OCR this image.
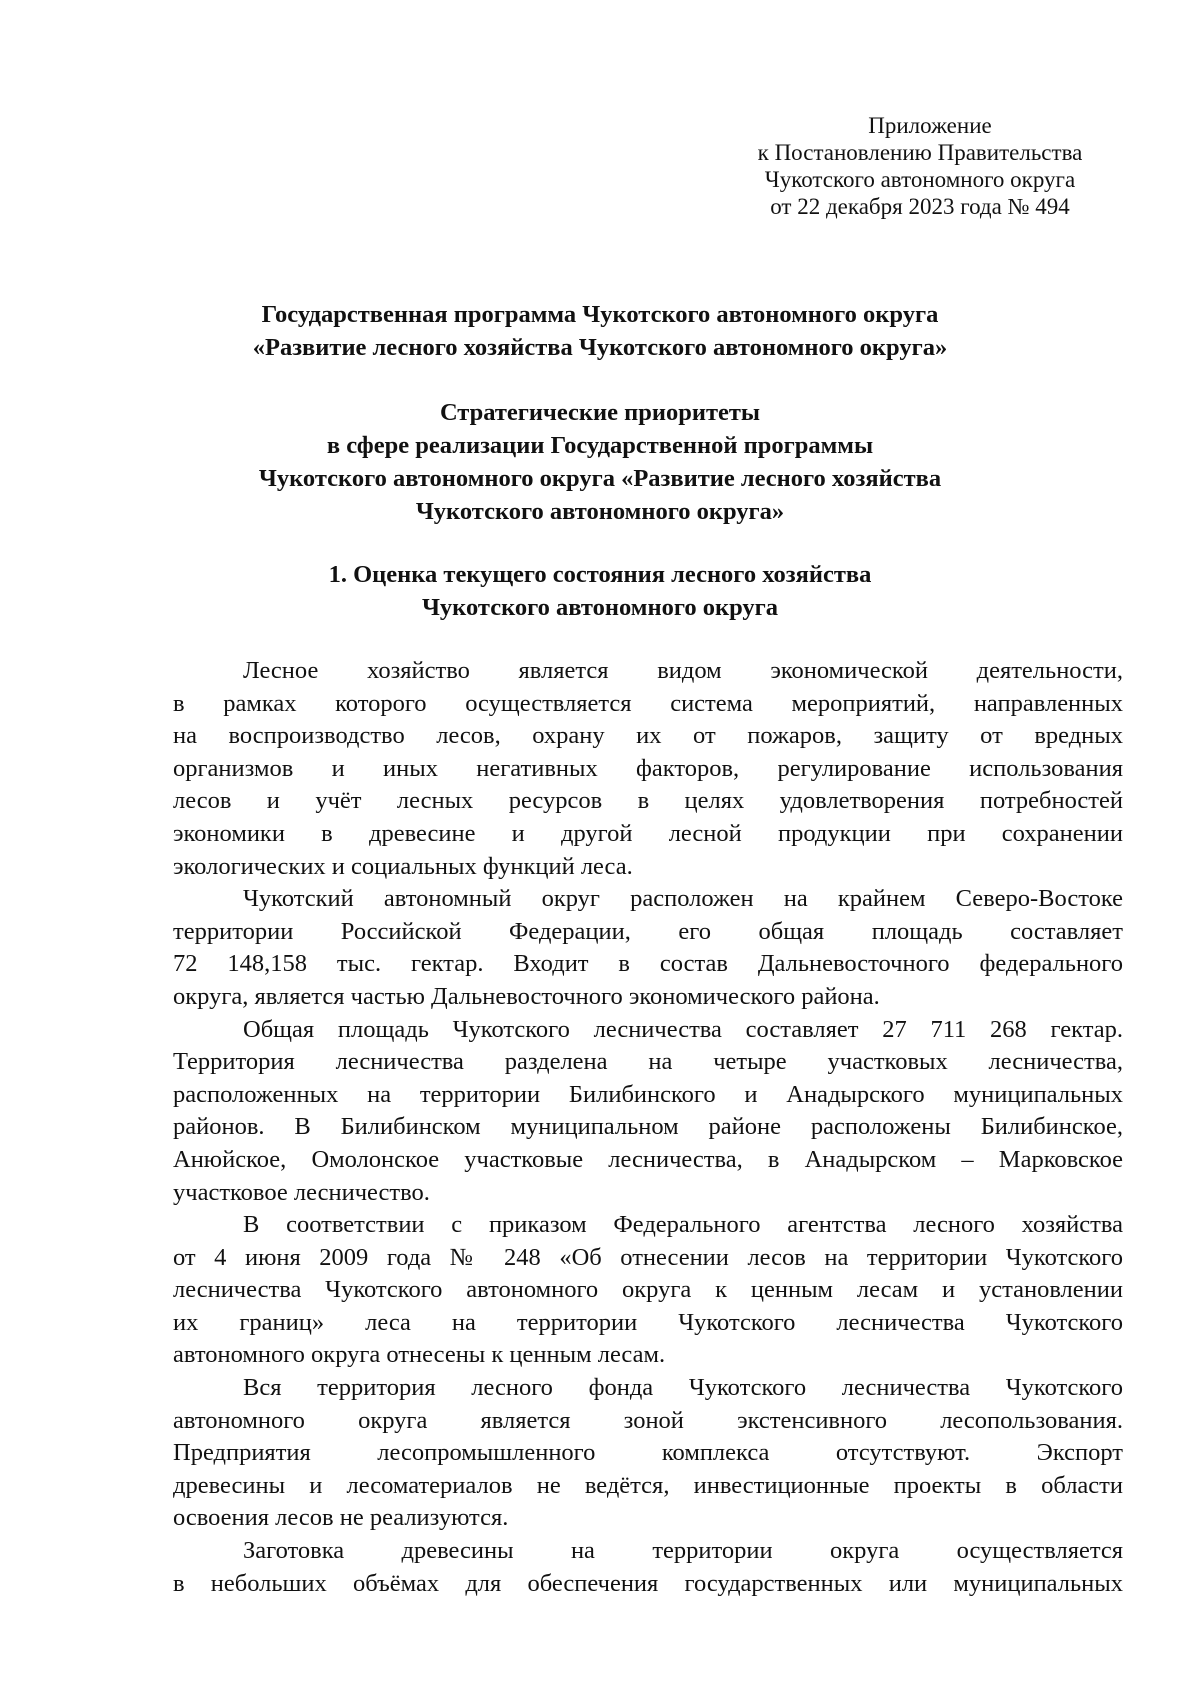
Приложение
к Постановлению Правительства
Чукотского автономного округа
от 22 декабря 2023 года № 494
Государственная программа Чукотского автономного округа
«Развитие лесного хозяйства Чукотского автономного округа»
Стратегические приоритеты
в сфере реализации Государственной программы
Чукотского автономного округа «Развитие лесного хозяйства
Чукотского автономного округа»
1. Оценка текущего состояния лесного хозяйства
Чукотского автономного округа
Лесное хозяйство является видом экономической деятельности,
в рамках которого осуществляется система мероприятий, направленных
на воспроизводство лесов, охрану их от пожаров, защиту от вредных
организмов и иных негативных факторов, регулирование использования
лесов и учёт лесных ресурсов в целях удовлетворения потребностей
экономики в древесине и другой лесной продукции при сохранении
экологических и социальных функций леса.
Чукотский автономный округ расположен на крайнем Северо-Востоке
территории Российской Федерации, его общая площадь составляет
72 148,158 тыс. гектар. Входит в состав Дальневосточного федерального
округа, является частью Дальневосточного экономического района.
Общая площадь Чукотского лесничества составляет 27 711 268 гектар.
Территория лесничества разделена на четыре участковых лесничества,
расположенных на территории Билибинского и Анадырского муниципальных
районов. В Билибинском муниципальном районе расположены Билибинское,
Анюйское, Омолонское участковые лесничества, в Анадырском – Марковское
участковое лесничество.
В соответствии с приказом Федерального агентства лесного хозяйства
от 4 июня 2009 года № 248 «Об отнесении лесов на территории Чукотского
лесничества Чукотского автономного округа к ценным лесам и установлении
их границ» леса на территории Чукотского лесничества Чукотского
автономного округа отнесены к ценным лесам.
Вся территория лесного фонда Чукотского лесничества Чукотского
автономного округа является зоной экстенсивного лесопользования.
Предприятия лесопромышленного комплекса отсутствуют. Экспорт
древесины и лесоматериалов не ведётся, инвестиционные проекты в области
освоения лесов не реализуются.
Заготовка древесины на территории округа осуществляется
в небольших объёмах для обеспечения государственных или муниципальных
